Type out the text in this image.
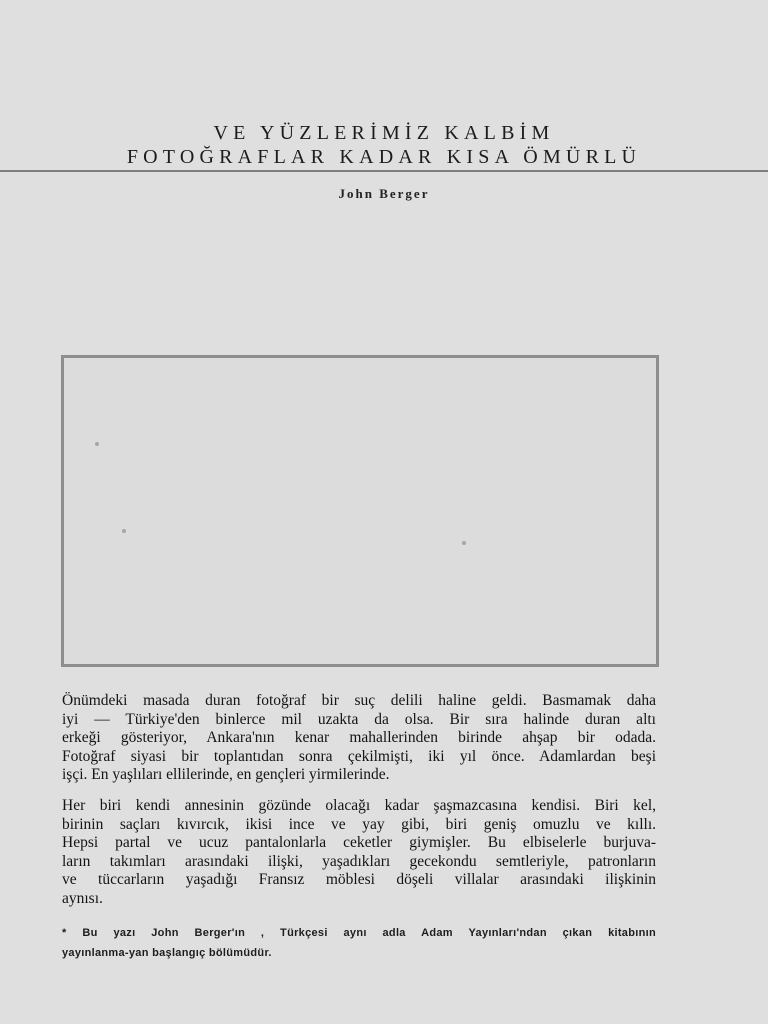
VE YÜZLERİMİZ KALBİM
FOTOĞRAFLAR KADAR KISA ÖMÜRLÜ
John Berger
Önümdeki masada duran fotoğraf bir suç delili haline geldi. Basmamak daha
iyi — Türkiye'den binlerce mil uzakta da olsa. Bir sıra halinde duran altı
erkeği gösteriyor, Ankara'nın kenar mahallerinden birinde ahşap bir odada.
Fotoğraf siyasi bir toplantıdan sonra çekilmişti, iki yıl önce. Adamlardan beşi
işçi. En yaşlıları ellilerinde, en gençleri yirmilerinde.
Her biri kendi annesinin gözünde olacağı kadar şaşmazcasına kendisi. Biri kel,
birinin saçları kıvırcık, ikisi ince ve yay gibi, biri geniş omuzlu ve kıllı.
Hepsi partal ve ucuz pantalonlarla ceketler giymişler. Bu elbiselerle burjuva-
ların takımları arasındaki ilişki, yaşadıkları gecekondu semtleriyle, patronların
ve tüccarların yaşadığı Fransız möblesi döşeli villalar arasındaki ilişkinin
aynısı.
* Bu yazı John Berger'ın , Türkçesi aynı adla Adam Yayınları'ndan çıkan kitabının
yayınlanma-yan başlangıç bölümüdür.
